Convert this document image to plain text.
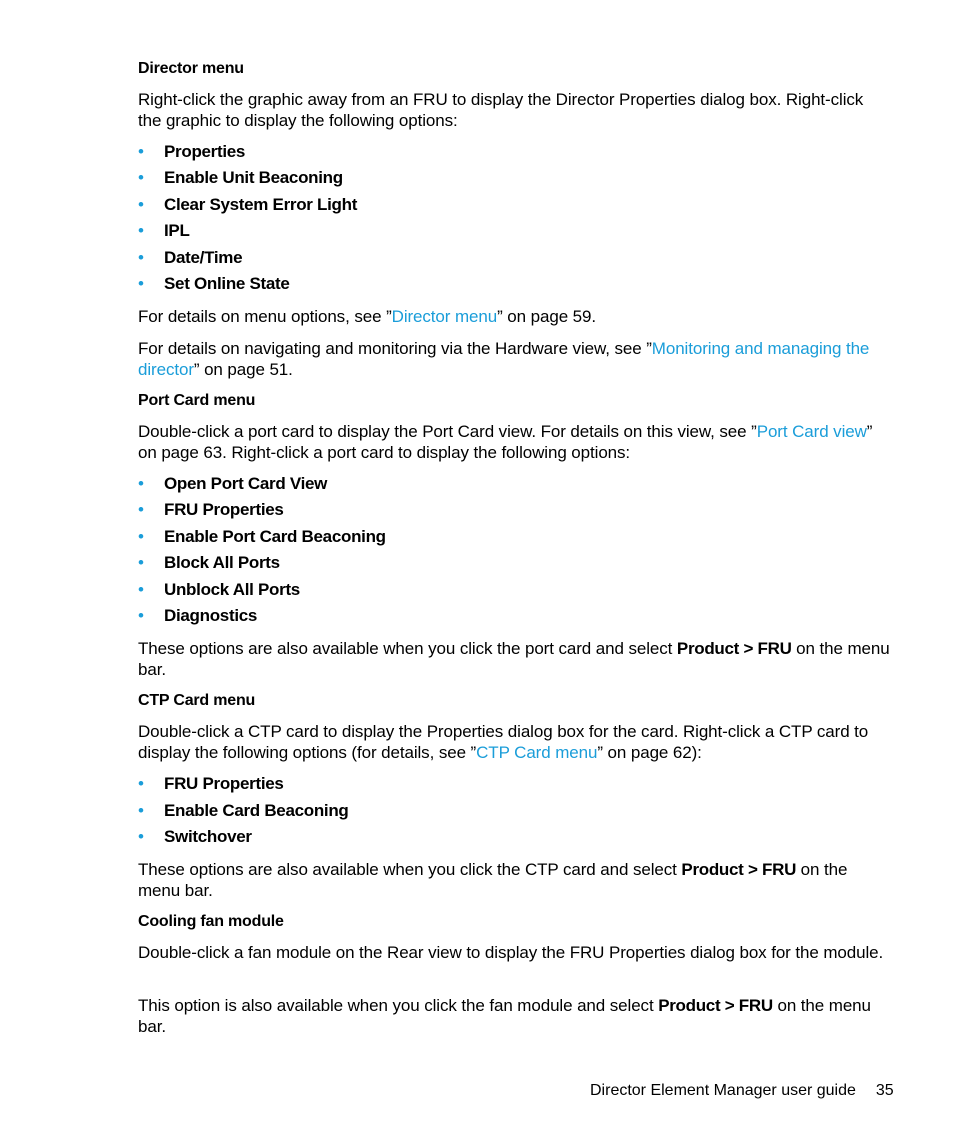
Director menu
Right-click the graphic away from an FRU to display the Director Properties dialog box. Right-click the graphic to display the following options:
• Properties
• Enable Unit Beaconing
• Clear System Error Light
• IPL
• Date/Time
• Set Online State
For details on menu options, see ”Director menu” on page 59.
For details on navigating and monitoring via the Hardware view, see ”Monitoring and managing the director” on page 51.
Port Card menu
Double-click a port card to display the Port Card view. For details on this view, see ”Port Card view” on page 63. Right-click a port card to display the following options:
• Open Port Card View
• FRU Properties
• Enable Port Card Beaconing
• Block All Ports
• Unblock All Ports
• Diagnostics
These options are also available when you click the port card and select Product > FRU on the menu bar.
CTP Card menu
Double-click a CTP card to display the Properties dialog box for the card. Right-click a CTP card to display the following options (for details, see ”CTP Card menu” on page 62):
• FRU Properties
• Enable Card Beaconing
• Switchover
These options are also available when you click the CTP card and select Product > FRU on the menu bar.
Cooling fan module
Double-click a fan module on the Rear view to display the FRU Properties dialog box for the module.
This option is also available when you click the fan module and select Product > FRU on the menu bar.
Director Element Manager user guide 35
